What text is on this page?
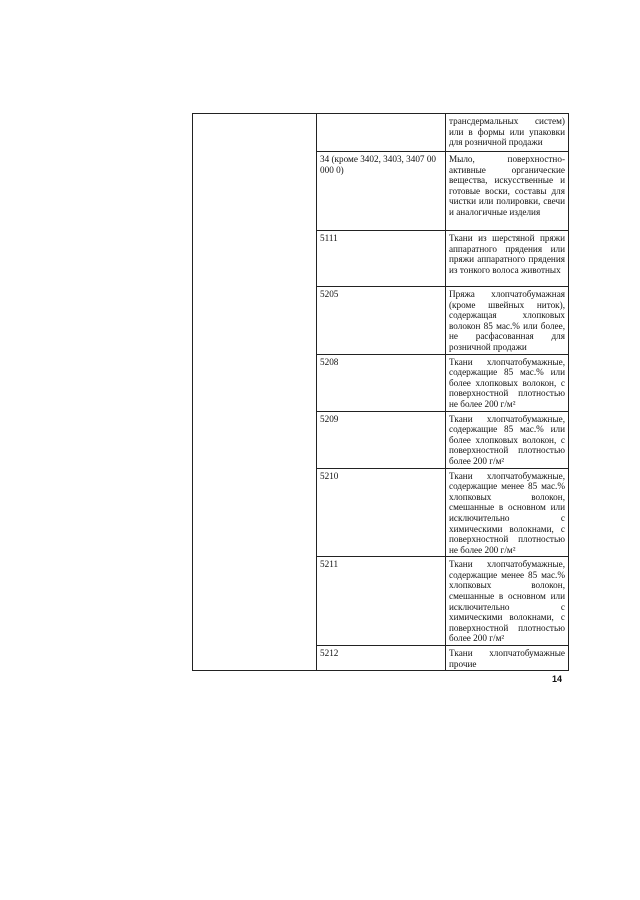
		трансдермальных систем) или в формы или упаковки для розничной продажи
	34 (кроме 3402, 3403, 3407 00 000 0)	Мыло, поверхностно-активные органические вещества, искусственные и готовые воски, составы для чистки или полировки, свечи и аналогичные изделия
	5111	Ткани из шерстяной пряжи аппаратного прядения или пряжи аппаратного прядения из тонкого волоса животных
	5205	Пряжа хлопчатобумажная (кроме швейных ниток), содержащая хлопковых волокон 85 мас.% или более, не расфасованная для розничной продажи
	5208	Ткани хлопчатобумажные, содержащие 85 мас.% или более хлопковых волокон, с поверхностной плотностью не более 200 г/м²
	5209	Ткани хлопчатобумажные, содержащие 85 мас.% или более хлопковых волокон, с поверхностной плотностью более 200 г/м²
	5210	Ткани хлопчатобумажные, содержащие менее 85 мас.% хлопковых волокон, смешанные в основном или исключительно с химическими волокнами, с поверхностной плотностью не более 200 г/м²
	5211	Ткани хлопчатобумажные, содержащие менее 85 мас.% хлопковых волокон, смешанные в основном или исключительно с химическими волокнами, с поверхностной плотностью более 200 г/м²
	5212	Ткани хлопчатобумажные прочие
14
